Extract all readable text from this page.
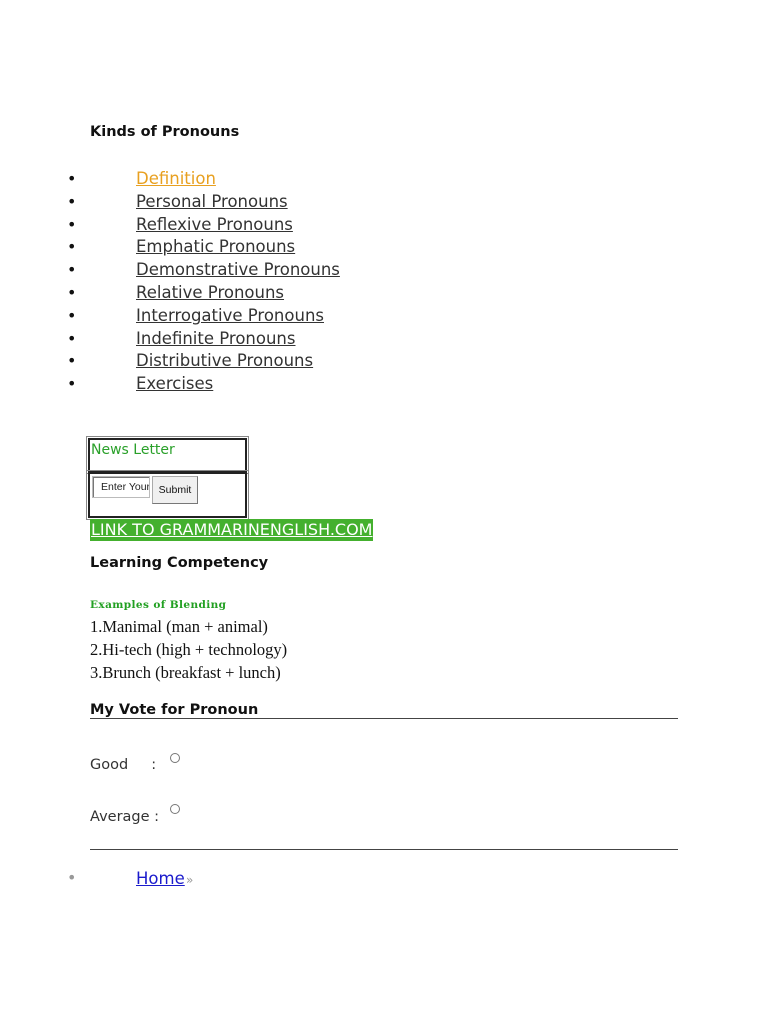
Kinds of Pronouns
•	Definition
•	Personal Pronouns
•	Reflexive Pronouns
•	Emphatic Pronouns
•	Demonstrative Pronouns
•	Relative Pronouns
•	Interrogative Pronouns
•	Indefinite Pronouns
•	Distributive Pronouns
•	Exercises
News Letter
Enter Your
Submit
LINK TO GRAMMARINENGLISH.COM
Learning Competency
Examples of Blending
1.Manimal (man + animal)
2.Hi-tech (high + technology)
3.Brunch (breakfast + lunch)
My Vote for Pronoun
Good     :
Average :
•	Home »
